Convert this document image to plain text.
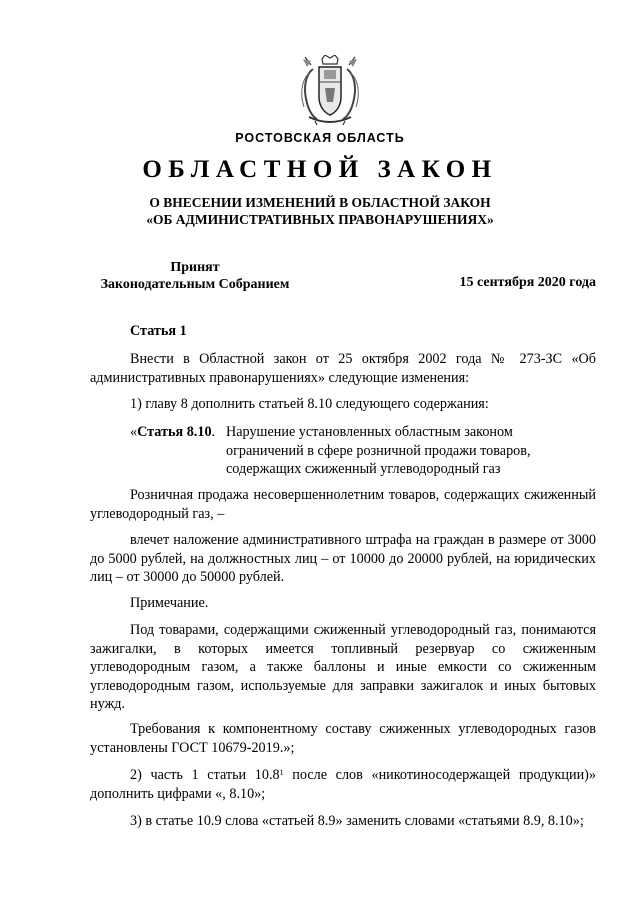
РОСТОВСКАЯ ОБЛАСТЬ
ОБЛАСТНОЙ ЗАКОН
О ВНЕСЕНИИ ИЗМЕНЕНИЙ В ОБЛАСТНОЙ ЗАКОН
«ОБ АДМИНИСТРАТИВНЫХ ПРАВОНАРУШЕНИЯХ»
Принят
Законодательным Собранием	15 сентября 2020 года
Статья 1
Внести в Областной закон от 25 октября 2002 года № 273-ЗС «Об административных правонарушениях» следующие изменения:
1) главу 8 дополнить статьей 8.10 следующего содержания:
«Статья 8.10. Нарушение установленных областным законом ограничений в сфере розничной продажи товаров, содержащих сжиженный углеводородный газ
Розничная продажа несовершеннолетним товаров, содержащих сжиженный углеводородный газ, –
влечет наложение административного штрафа на граждан в размере от 3000 до 5000 рублей, на должностных лиц – от 10000 до 20000 рублей, на юридических лиц – от 30000 до 50000 рублей.
Примечание.
Под товарами, содержащими сжиженный углеводородный газ, понимаются зажигалки, в которых имеется топливный резервуар со сжиженным углеводородным газом, а также баллоны и иные емкости со сжиженным углеводородным газом, используемые для заправки зажигалок и иных бытовых нужд.
Требования к компонентному составу сжиженных углеводородных газов установлены ГОСТ 10679-2019.»;
2) часть 1 статьи 10.8$^1$ после слов «никотиносодержащей продукции)» дополнить цифрами «, 8.10»;
3) в статье 10.9 слова «статьей 8.9» заменить словами «статьями 8.9, 8.10»;
